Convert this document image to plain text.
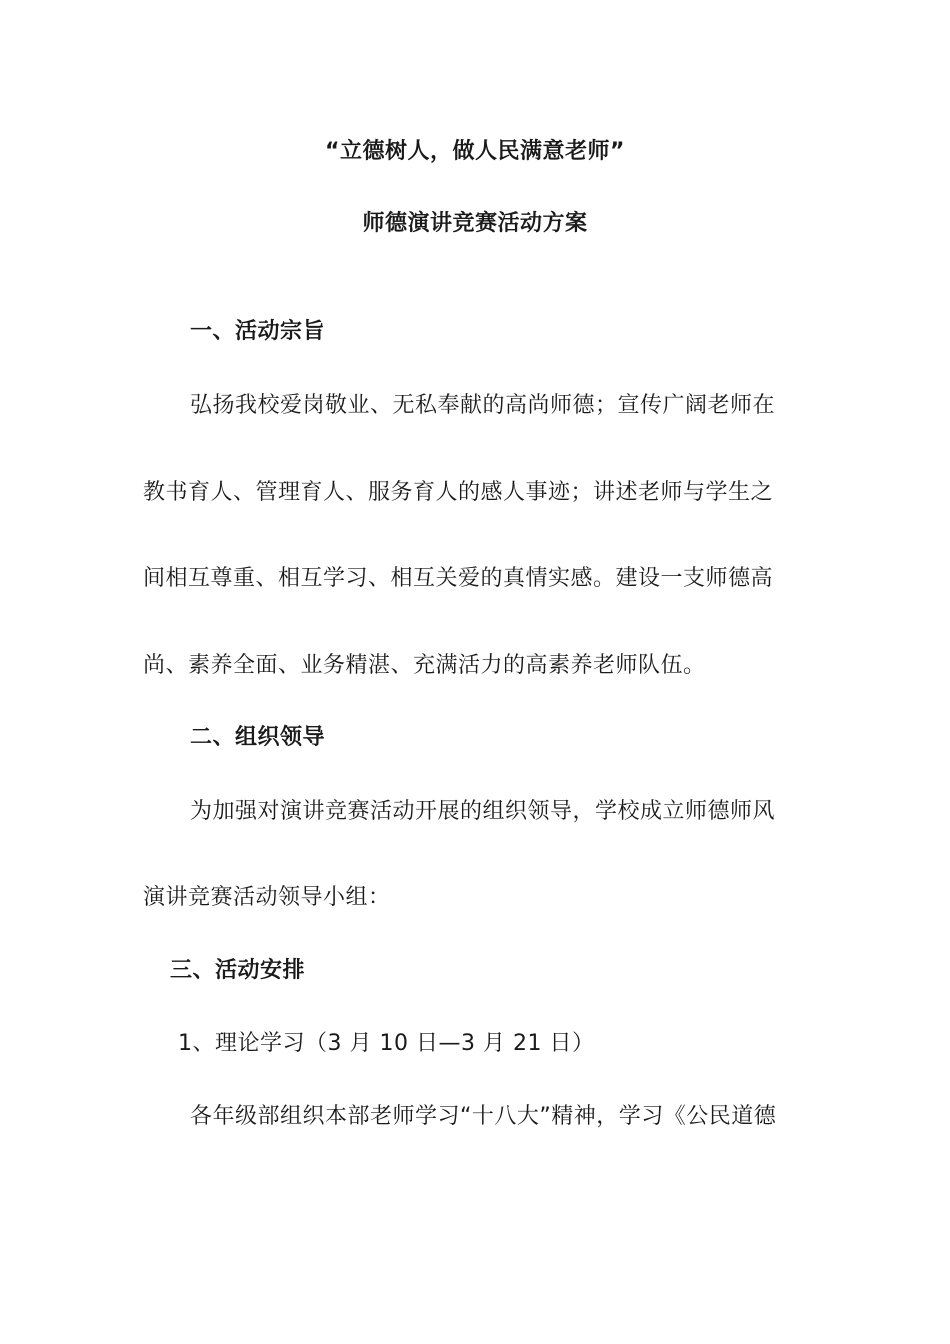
“立德树人，做人民满意老师”
师德演讲竞赛活动方案
一、活动宗旨
弘扬我校爱岗敬业、无私奉献的高尚师德；宣传广阔老师在
教书育人、管理育人、服务育人的感人事迹；讲述老师与学生之
间相互尊重、相互学习、相互关爱的真情实感。建设一支师德高
尚、素养全面、业务精湛、充满活力的高素养老师队伍。
二、组织领导
为加强对演讲竞赛活动开展的组织领导，学校成立师德师风
演讲竞赛活动领导小组：
三、活动安排
1、理论学习（3 月 10 日—3 月 21 日）
各年级部组织本部老师学习“十八大”精神，学习《公民道德
